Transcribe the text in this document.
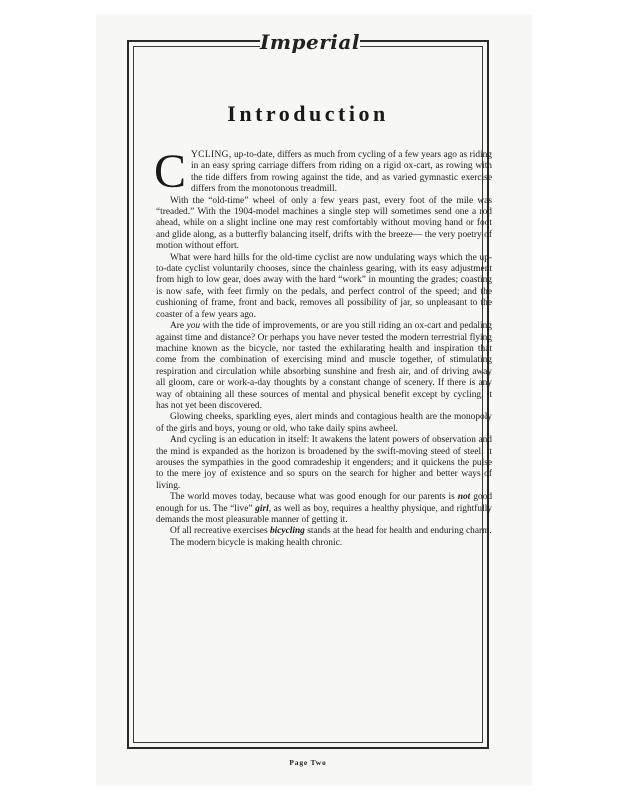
Imperial
Introduction

CYCLING, up-to-date, differs as much from cycling of a few years ago as riding in an easy spring carriage differs from riding on a rigid ox-cart, as rowing with the tide differs from rowing against the tide, and as varied gymnastic exercise differs from the monotonous treadmill.

With the “old-time” wheel of only a few years past, every foot of the mile was “treaded.” With the 1904-model machines a single step will sometimes send one a rod ahead, while on a slight incline one may rest comfortably without moving hand or foot and glide along, as a butterfly balancing itself, drifts with the breeze— the very poetry of motion without effort.

What were hard hills for the old-time cyclist are now undulating ways which the up-to-date cyclist voluntarily chooses, since the chainless gearing, with its easy adjustment from high to low gear, does away with the hard “work” in mounting the grades; coasting is now safe, with feet firmly on the pedals, and perfect control of the speed; and the cushioning of frame, front and back, removes all possibility of jar, so unpleasant to the coaster of a few years ago.

Are you with the tide of improvements, or are you still riding an ox-cart and pedaling against time and distance? Or perhaps you have never tested the modern terrestrial flying machine known as the bicycle, nor tasted the exhilarating health and inspiration that come from the combination of exercising mind and muscle together, of stimulating respiration and circulation while absorbing sunshine and fresh air, and of driving away all gloom, care or work-a-day thoughts by a constant change of scenery. If there is any way of obtaining all these sources of mental and physical benefit except by cycling, it has not yet been discovered.

Glowing cheeks, sparkling eyes, alert minds and contagious health are the monopoly of the girls and boys, young or old, who take daily spins awheel.

And cycling is an education in itself: It awakens the latent powers of observation and the mind is expanded as the horizon is broadened by the swift-moving steed of steel; it arouses the sympathies in the good comradeship it engenders; and it quickens the pulse to the mere joy of existence and so spurs on the search for higher and better ways of living.

The world moves today, because what was good enough for our parents is not good enough for us. The “live” girl, as well as boy, requires a healthy physique, and rightfully demands the most pleasurable manner of getting it.

Of all recreative exercises bicycling stands at the head for health and enduring charm.

The modern bicycle is making health chronic.

Page Two
